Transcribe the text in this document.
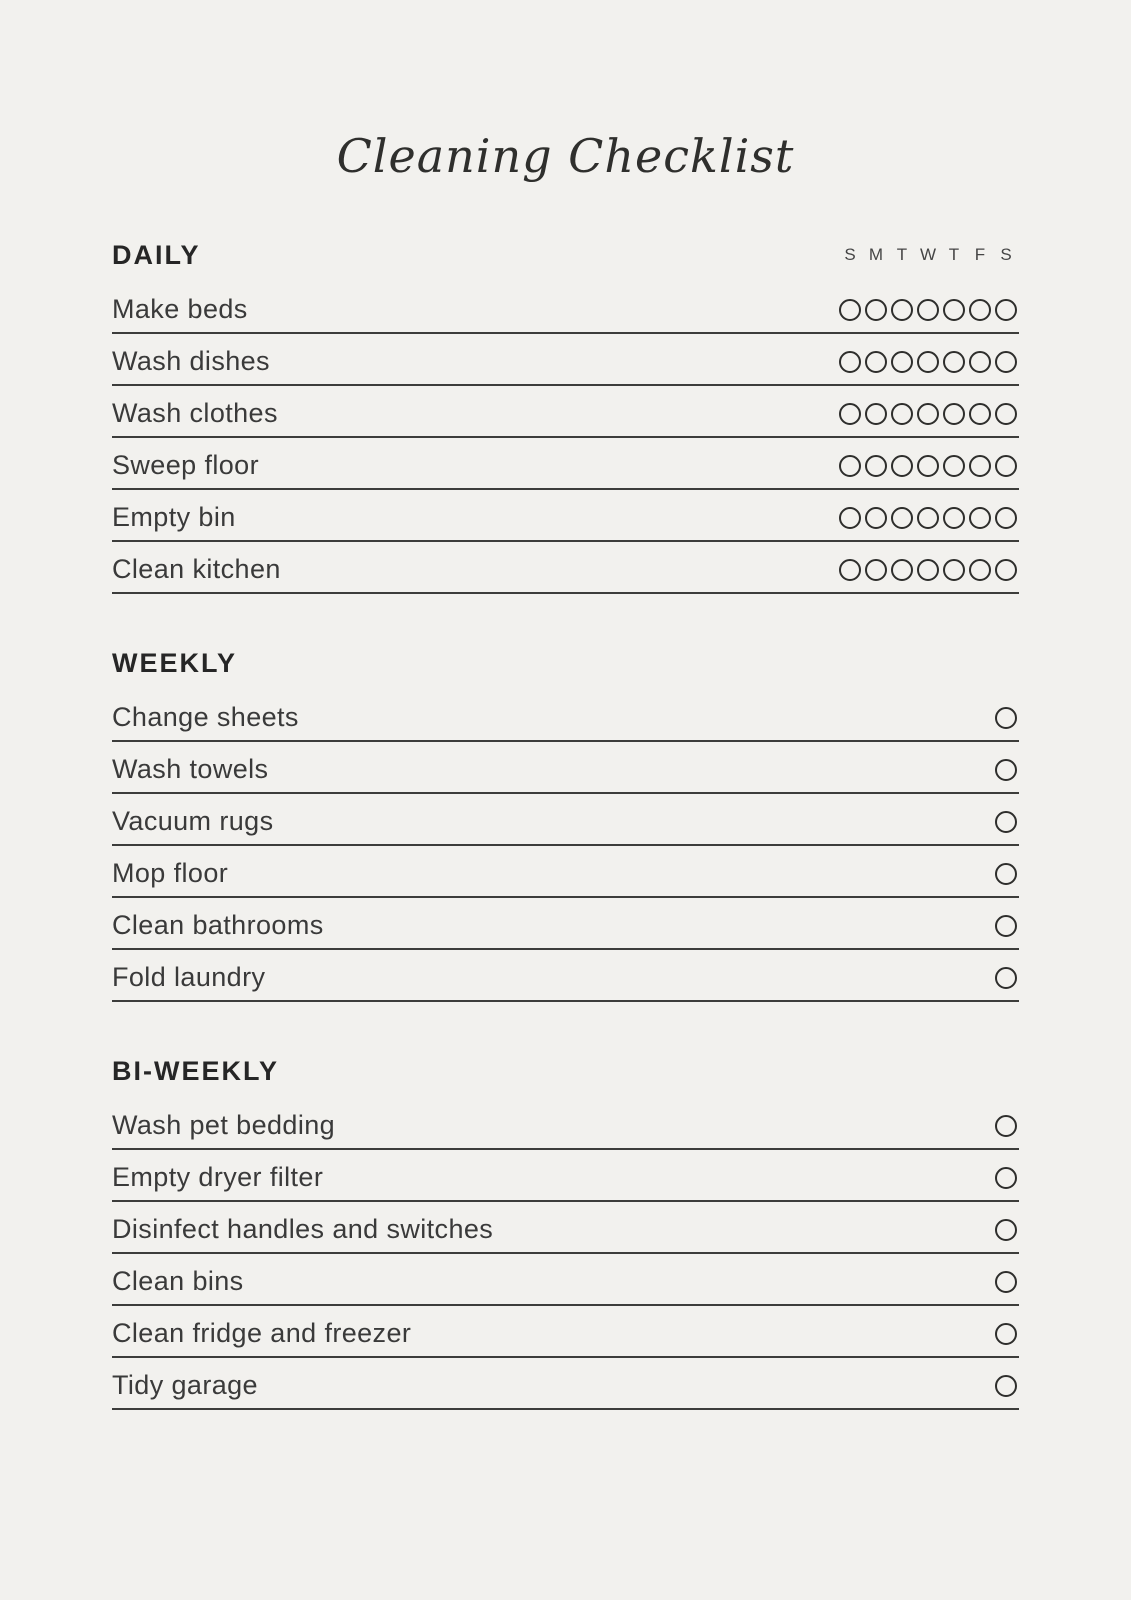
Cleaning Checklist
DAILY	S M T W T F S
Make beds
Wash dishes
Wash clothes
Sweep floor
Empty bin
Clean kitchen
WEEKLY
Change sheets
Wash towels
Vacuum rugs
Mop floor
Clean bathrooms
Fold laundry
BI-WEEKLY
Wash pet bedding
Empty dryer filter
Disinfect handles and switches
Clean bins
Clean fridge and freezer
Tidy garage
